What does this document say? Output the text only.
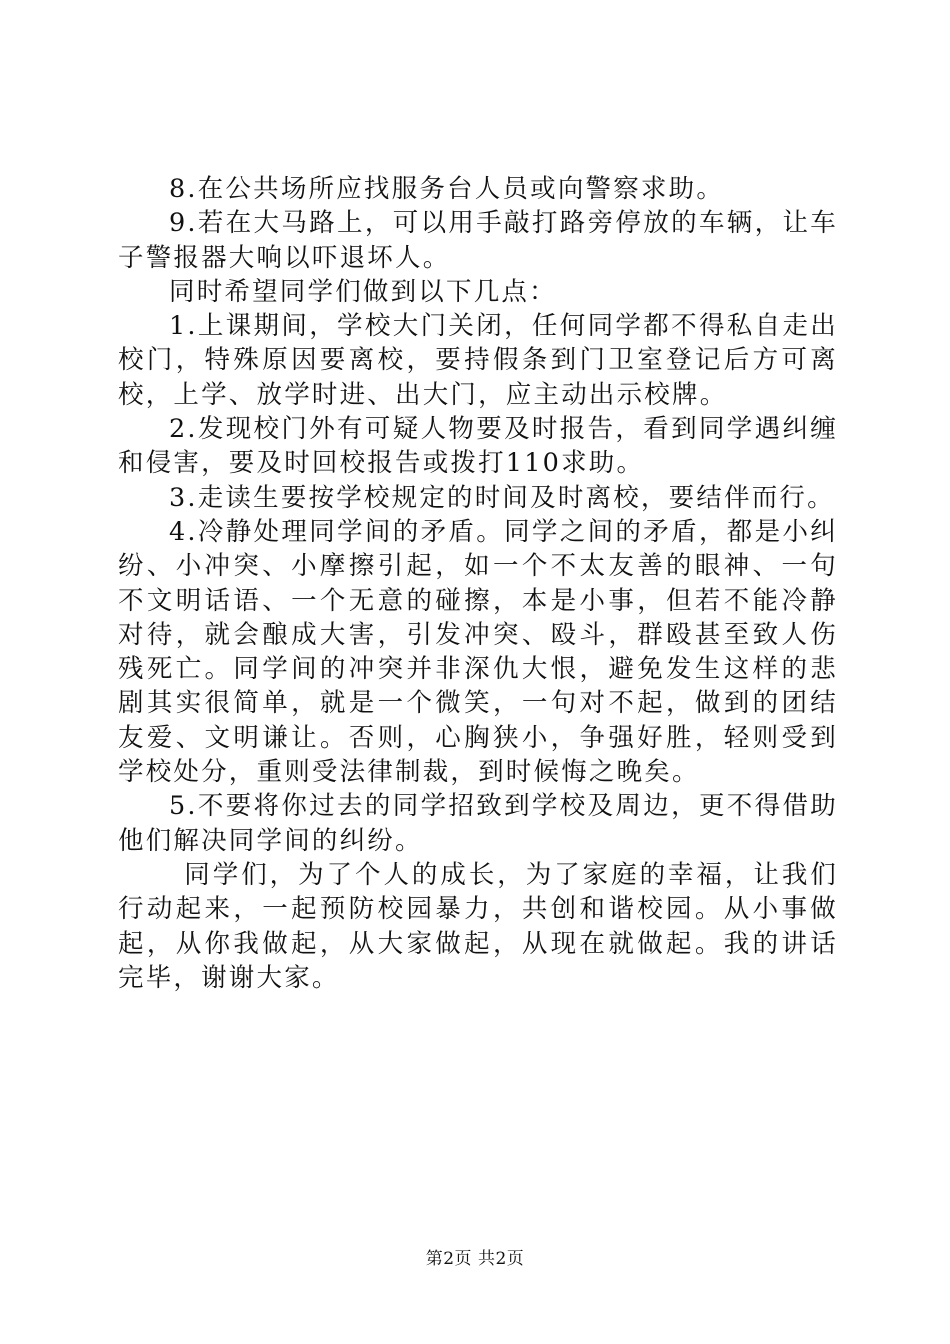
8.在公共场所应找服务台人员或向警察求助。

9.若在大马路上，可以用手敲打路旁停放的车辆，让车子警报器大响以吓退坏人。

同时希望同学们做到以下几点：

1.上课期间，学校大门关闭，任何同学都不得私自走出校门，特殊原因要离校，要持假条到门卫室登记后方可离校，上学、放学时进、出大门，应主动出示校牌。

2.发现校门外有可疑人物要及时报告，看到同学遇纠缠和侵害，要及时回校报告或拨打110求助。

3.走读生要按学校规定的时间及时离校，要结伴而行。

4.冷静处理同学间的矛盾。同学之间的矛盾，都是小纠纷、小冲突、小摩擦引起，如一个不太友善的眼神、一句不文明话语、一个无意的碰擦，本是小事，但若不能冷静对待，就会酿成大害，引发冲突、殴斗，群殴甚至致人伤残死亡。同学间的冲突并非深仇大恨，避免发生这样的悲剧其实很简单，就是一个微笑，一句对不起，做到的团结友爱、文明谦让。否则，心胸狭小，争强好胜，轻则受到学校处分，重则受法律制裁，到时候悔之晚矣。

5.不要将你过去的同学招致到学校及周边，更不得借助他们解决同学间的纠纷。

同学们，为了个人的成长，为了家庭的幸福，让我们行动起来，一起预防校园暴力，共创和谐校园。从小事做起，从你我做起，从大家做起，从现在就做起。我的讲话完毕，谢谢大家。

第2页 共2页
